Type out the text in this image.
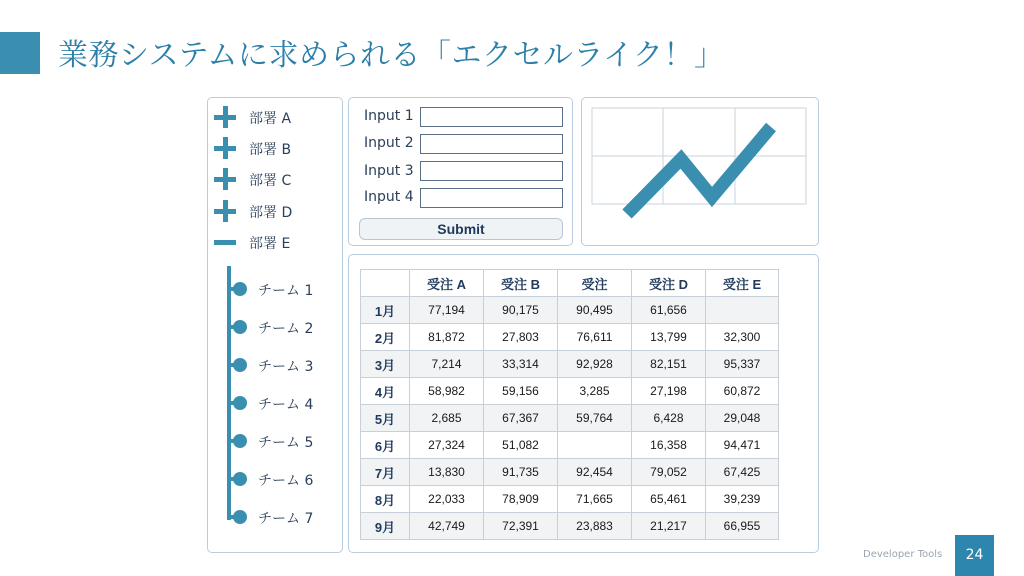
業務システムに求められる「エクセルライク！」
部署 A
部署 B
部署 C
部署 D
部署 E
チーム 1
チーム 2
チーム 3
チーム 4
チーム 5
チーム 6
チーム 7
Input 1
Input 2
Input 3
Input 4
Submit
	受注 A	受注 B	受注	受注 D	受注 E
1月	77,194	90,175	90,495	61,656	
2月	81,872	27,803	76,611	13,799	32,300
3月	7,214	33,314	92,928	82,151	95,337
4月	58,982	59,156	3,285	27,198	60,872
5月	2,685	67,367	59,764	6,428	29,048
6月	27,324	51,082		16,358	94,471
7月	13,830	91,735	92,454	79,052	67,425
8月	22,033	78,909	71,665	65,461	39,239
9月	42,749	72,391	23,883	21,217	66,955
Developer Tools	24
